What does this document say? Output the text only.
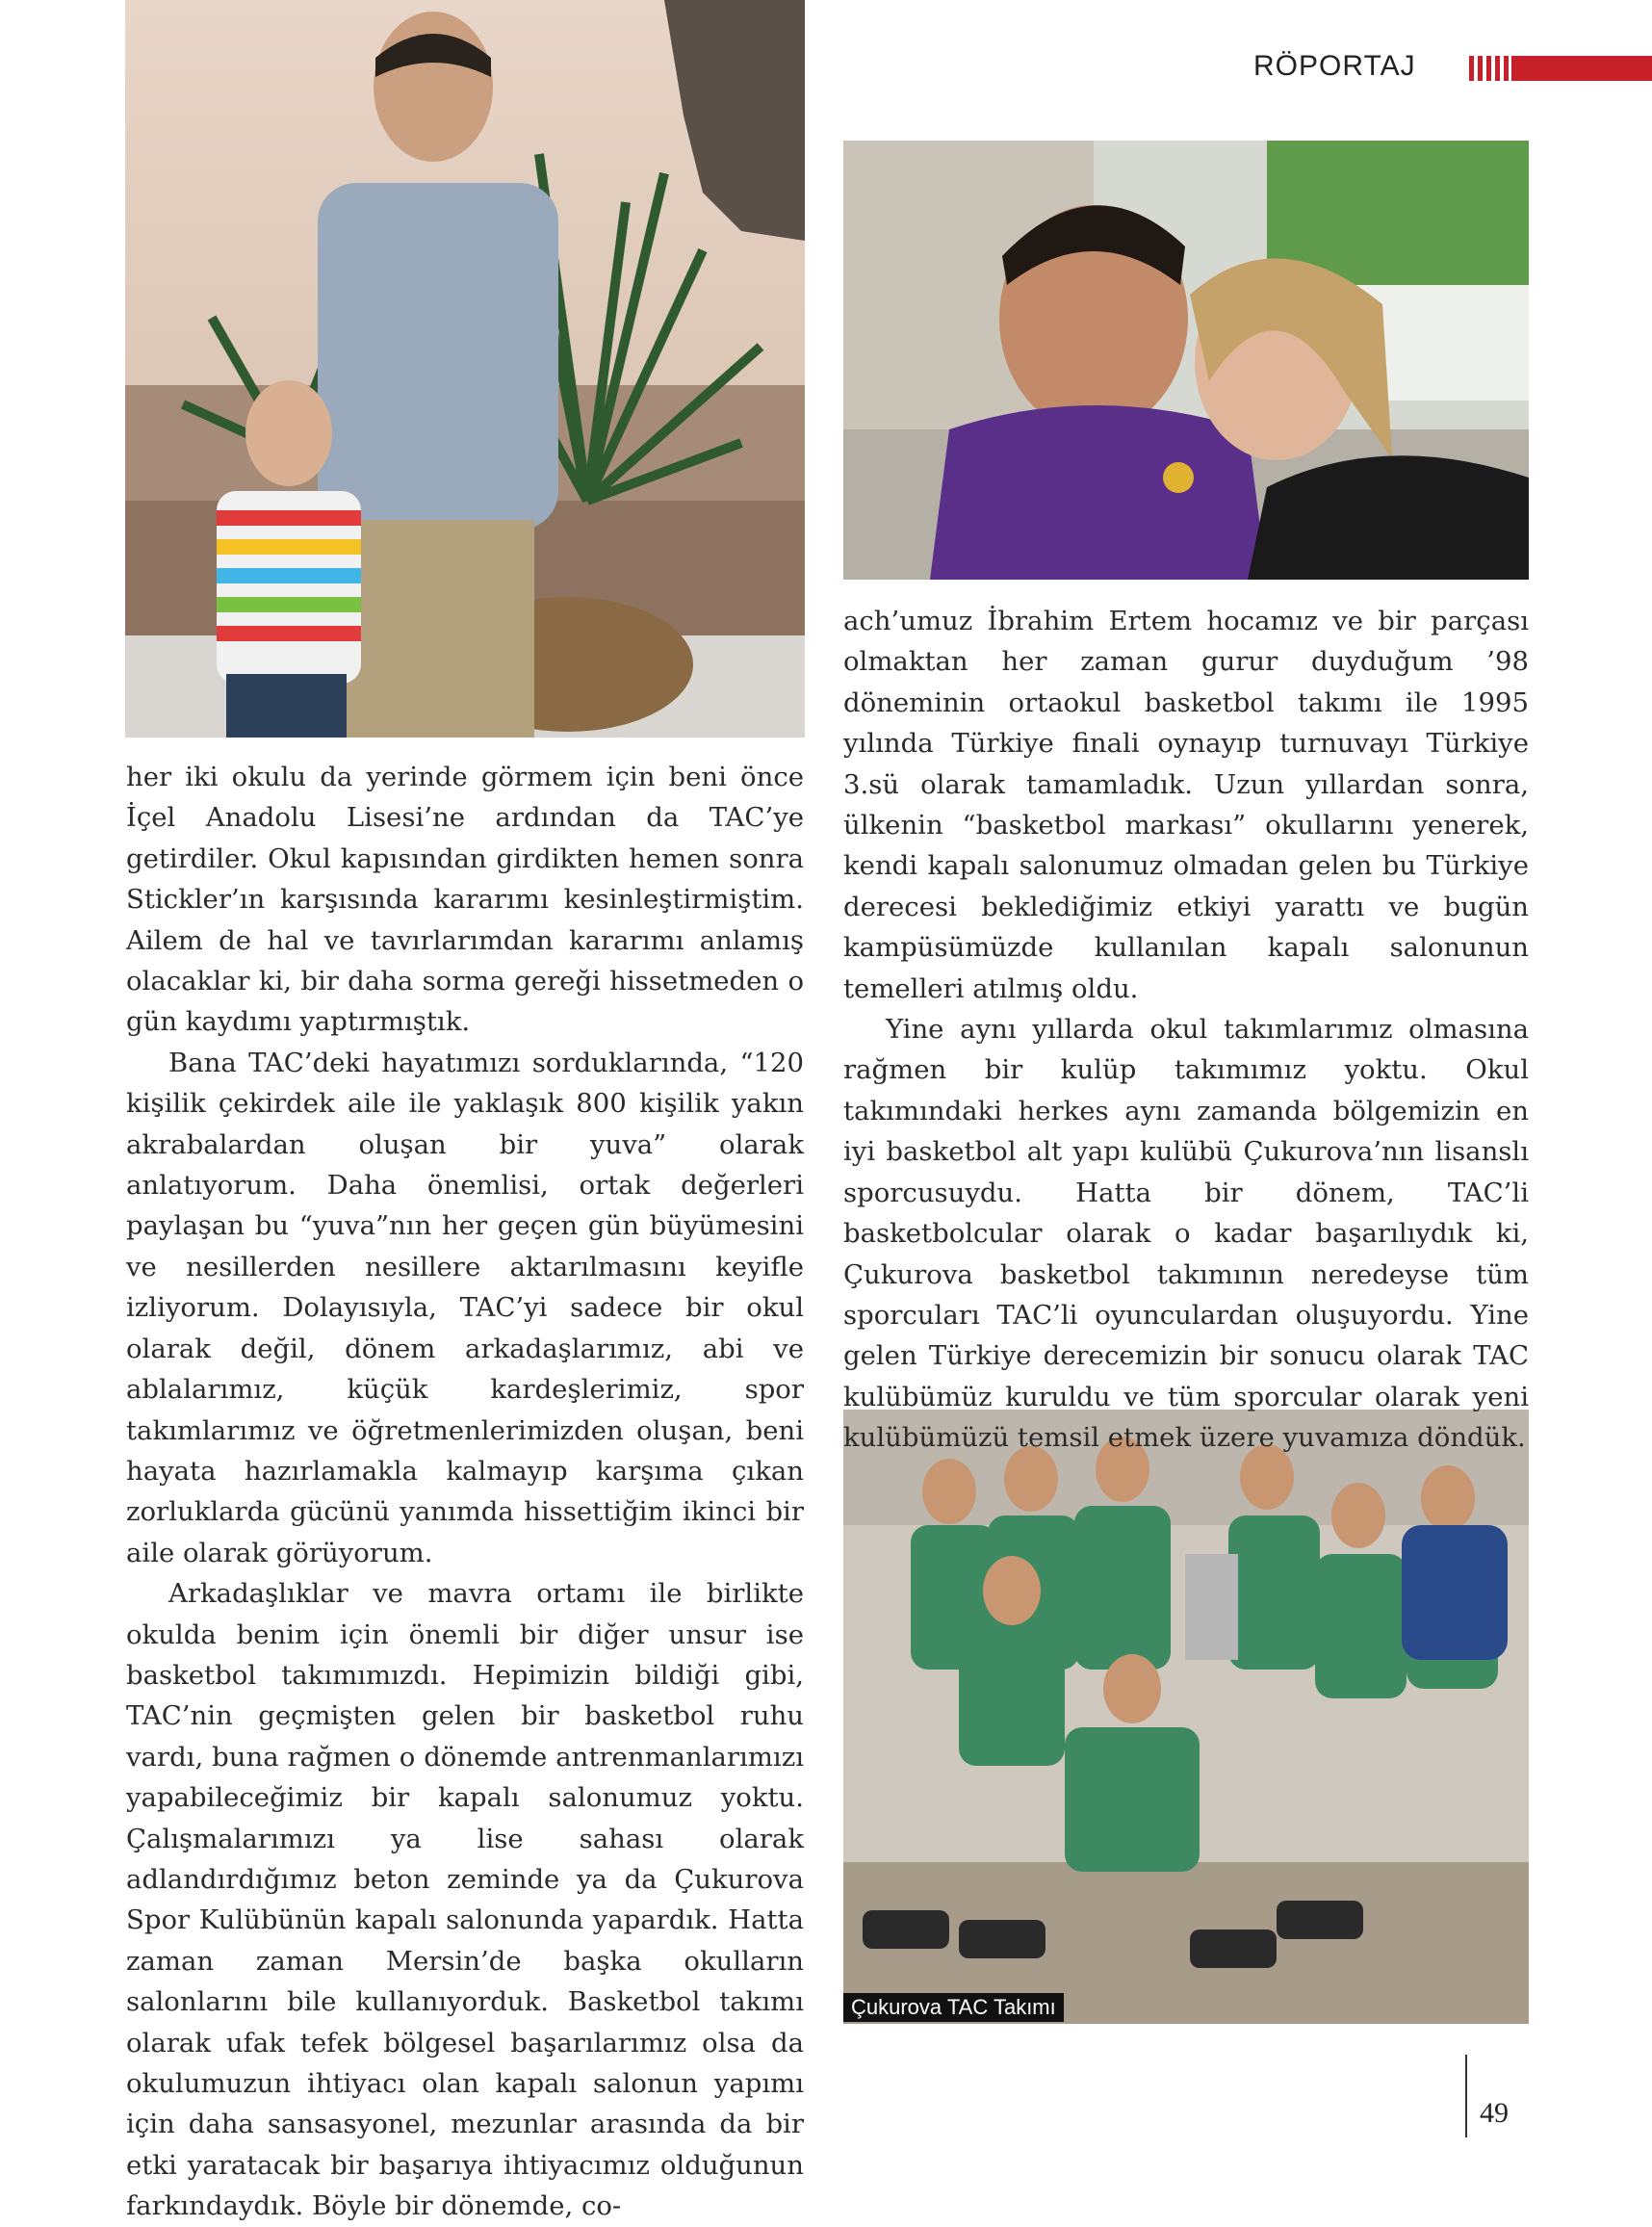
RÖPORTAJ

her iki okulu da yerinde görmem için beni önce İçel Anadolu Lisesi’ne ardından da TAC’ye getirdiler. Okul kapısından girdikten hemen sonra Stickler’ın karşısında kararımı kesinleştirmiştim. Ailem de hal ve tavırlarımdan kararımı anlamış olacaklar ki, bir daha sorma gereği hissetmeden o gün kaydımı yaptırmıştık.

Bana TAC’deki hayatımızı sorduklarında, “120 kişilik çekirdek aile ile yaklaşık 800 kişilik yakın akrabalardan oluşan bir yuva” olarak anlatıyorum. Daha önemlisi, ortak değerleri paylaşan bu “yuva”nın her geçen gün büyümesini ve nesillerden nesillere aktarılmasını keyifle izliyorum. Dolayısıyla, TAC’yi sadece bir okul olarak değil, dönem arkadaşlarımız, abi ve ablalarımız, küçük kardeşlerimiz, spor takımlarımız ve öğretmenlerimizden oluşan, beni hayata hazırlamakla kalmayıp karşıma çıkan zorluklarda gücünü yanımda hissettiğim ikinci bir aile olarak görüyorum.

Arkadaşlıklar ve mavra ortamı ile birlikte okulda benim için önemli bir diğer unsur ise basketbol takımımızdı. Hepimizin bildiği gibi, TAC’nin geçmişten gelen bir basketbol ruhu vardı, buna rağmen o dönemde antrenmanlarımızı yapabileceğimiz bir kapalı salonumuz yoktu. Çalışmalarımızı ya lise sahası olarak adlandırdığımız beton zeminde ya da Çukurova Spor Kulübünün kapalı salonunda yapardık. Hatta zaman zaman Mersin’de başka okulların salonlarını bile kullanıyorduk. Basketbol takımı olarak ufak tefek bölgesel başarılarımız olsa da okulumuzun ihtiyacı olan kapalı salonun yapımı için daha sansasyonel, mezunlar arasında da bir etki yaratacak bir başarıya ihtiyacımız olduğunun farkındaydık. Böyle bir dönemde, co-

ach’umuz İbrahim Ertem hocamız ve bir parçası olmaktan her zaman gurur duyduğum ’98 döneminin ortaokul basketbol takımı ile 1995 yılında Türkiye finali oynayıp turnuvayı Türkiye 3.sü olarak tamamladık. Uzun yıllardan sonra, ülkenin “basketbol markası” okullarını yenerek, kendi kapalı salonumuz olmadan gelen bu Türkiye derecesi beklediğimiz etkiyi yarattı ve bugün kampüsümüzde kullanılan kapalı salonunun temelleri atılmış oldu.

Yine aynı yıllarda okul takımlarımız olmasına rağmen bir kulüp takımımız yoktu. Okul takımındaki herkes aynı zamanda bölgemizin en iyi basketbol alt yapı kulübü Çukurova’nın lisanslı sporcusuydu. Hatta bir dönem, TAC’li basketbolcular olarak o kadar başarılıydık ki, Çukurova basketbol takımının neredeyse tüm sporcuları TAC’li oyunculardan oluşuyordu. Yine gelen Türkiye derecemizin bir sonucu olarak TAC kulübümüz kuruldu ve tüm sporcular olarak yeni kulübümüzü temsil etmek üzere yuvamıza döndük.

Çukurova TAC Takımı
49
